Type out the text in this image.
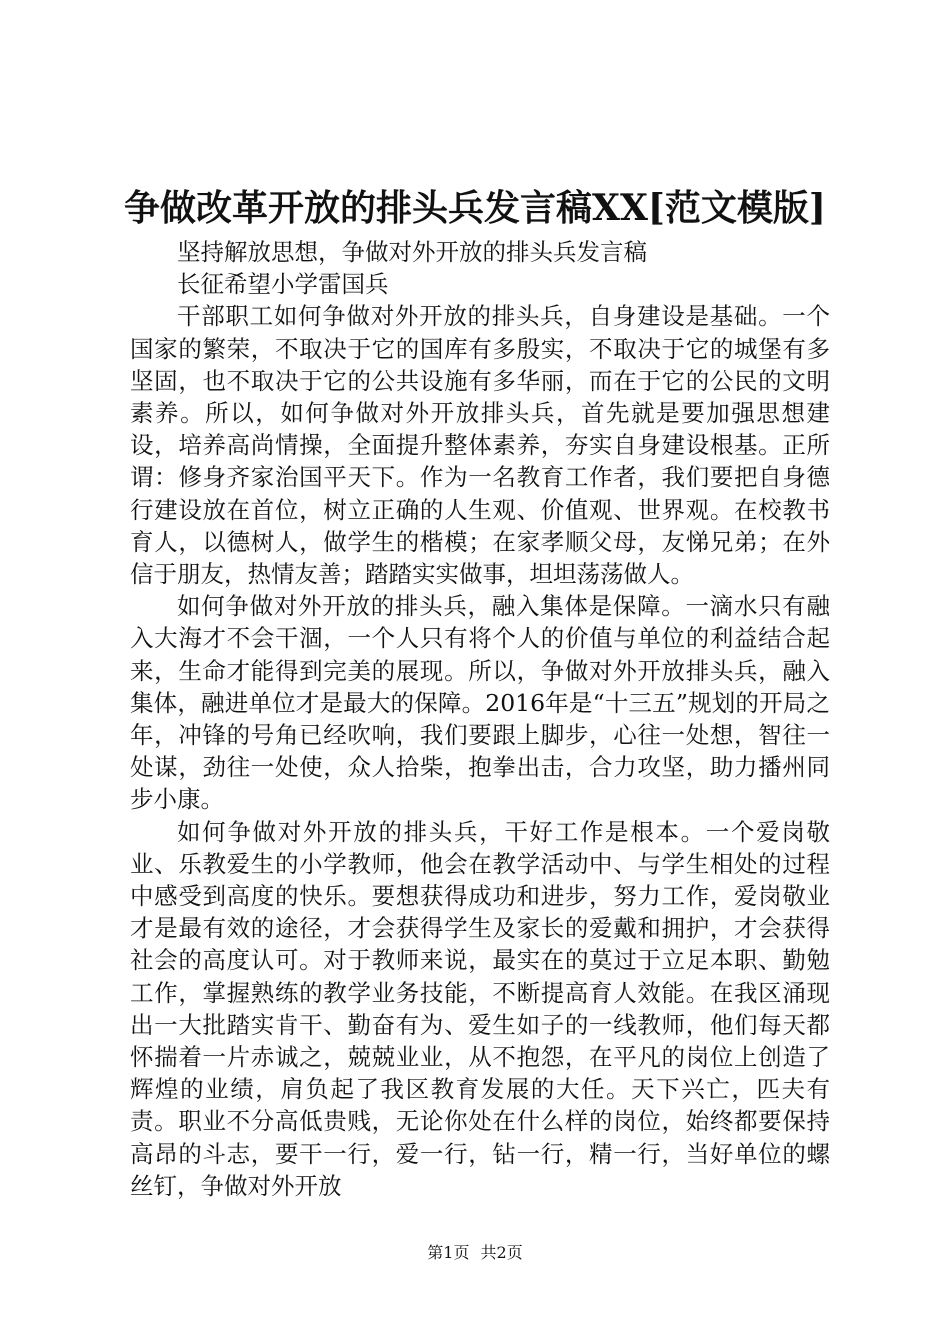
争做改革开放的排头兵发言稿XX[范文模版]

坚持解放思想，争做对外开放的排头兵发言稿

长征希望小学雷国兵

干部职工如何争做对外开放的排头兵，自身建设是基础。一个国家的繁荣，不取决于它的国库有多殷实，不取决于它的城堡有多坚固，也不取决于它的公共设施有多华丽，而在于它的公民的文明素养。所以，如何争做对外开放排头兵，首先就是要加强思想建设，培养高尚情操，全面提升整体素养，夯实自身建设根基。正所谓：修身齐家治国平天下。作为一名教育工作者，我们要把自身德行建设放在首位，树立正确的人生观、价值观、世界观。在校教书育人，以德树人，做学生的楷模；在家孝顺父母，友悌兄弟；在外信于朋友，热情友善；踏踏实实做事，坦坦荡荡做人。

如何争做对外开放的排头兵，融入集体是保障。一滴水只有融入大海才不会干涸，一个人只有将个人的价值与单位的利益结合起来，生命才能得到完美的展现。所以，争做对外开放排头兵，融入集体，融进单位才是最大的保障。2016年是“十三五”规划的开局之年，冲锋的号角已经吹响，我们要跟上脚步，心往一处想，智往一处谋，劲往一处使，众人拾柴，抱拳出击，合力攻坚，助力播州同步小康。

如何争做对外开放的排头兵，干好工作是根本。一个爱岗敬业、乐教爱生的小学教师，他会在教学活动中、与学生相处的过程中感受到高度的快乐。要想获得成功和进步，努力工作，爱岗敬业才是最有效的途径，才会获得学生及家长的爱戴和拥护，才会获得社会的高度认可。对于教师来说，最实在的莫过于立足本职、勤勉工作，掌握熟练的教学业务技能，不断提高育人效能。在我区涌现出一大批踏实肯干、勤奋有为、爱生如子的一线教师，他们每天都怀揣着一片赤诚之，兢兢业业，从不抱怨，在平凡的岗位上创造了辉煌的业绩，肩负起了我区教育发展的大任。天下兴亡，匹夫有责。职业不分高低贵贱，无论你处在什么样的岗位，始终都要保持高昂的斗志，要干一行，爱一行，钻一行，精一行，当好单位的螺丝钉，争做对外开放

第1页 共2页
